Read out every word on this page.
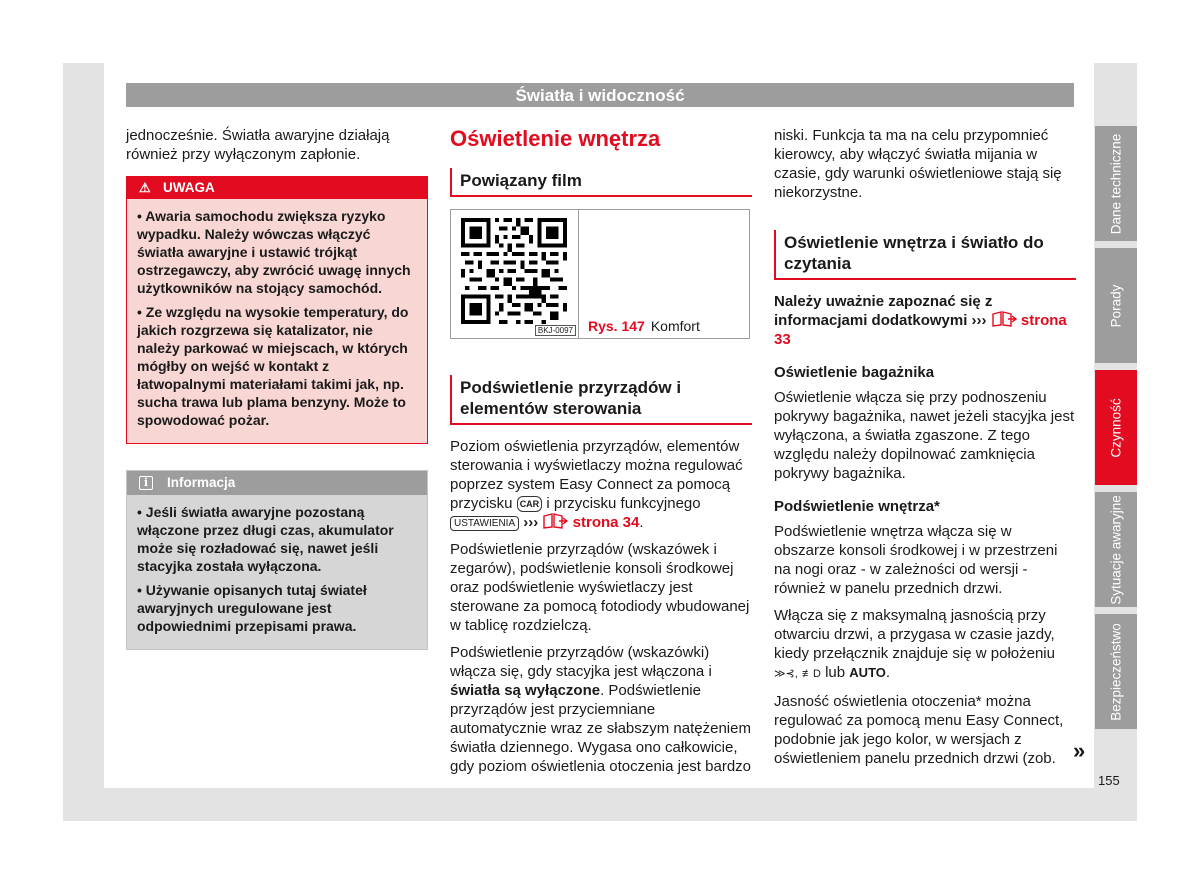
Światła i widoczność

jednocześnie. Światła awaryjne działają również przy wyłączonym zapłonie.

⚠ UWAGA
• Awaria samochodu zwiększa ryzyko wypadku. Należy wówczas włączyć światła awaryjne i ustawić trójkąt ostrzegawczy, aby zwrócić uwagę innych użytkowników na stojący samochód.
• Ze względu na wysokie temperatury, do jakich rozgrzewa się katalizator, nie należy parkować w miejscach, w których mógłby on wejść w kontakt z łatwopalnymi materiałami takimi jak, np. sucha trawa lub plama benzyny. Może to spowodować pożar.
i	Informacja
• Jeśli światła awaryjne pozostaną włączone przez długi czas, akumulator może się rozładować się, nawet jeśli stacyjka została wyłączona.
• Używanie opisanych tutaj świateł awaryjnych uregulowane jest odpowiednimi przepisami prawa.
Oświetlenie wnętrza
Powiązany film
BKJ-0097 Rys. 147 Komfort
Podświetlenie przyrządów i elementów sterowania

Poziom oświetlenia przyrządów, elementów sterowania i wyświetlaczy można regulować poprzez system Easy Connect za pomocą przycisku CAR i przycisku funkcyjnego USTAWIENIA ››› strona 34.

Podświetlenie przyrządów (wskazówek i zegarów), podświetlenie konsoli środkowej oraz podświetlenie wyświetlaczy jest sterowane za pomocą fotodiody wbudowanej w tablicę rozdzielczą.

Podświetlenie przyrządów (wskazówki) włącza się, gdy stacyjka jest włączona i światła są wyłączone. Podświetlenie przyrządów jest przyciemniane automatycznie wraz ze słabszym natężeniem światła dziennego. Wygasa ono całkowicie, gdy poziom oświetlenia otoczenia jest bardzo

niski. Funkcja ta ma na celu przypomnieć kierowcy, aby włączyć światła mijania w czasie, gdy warunki oświetleniowe stają się niekorzystne.

Oświetlenie wnętrza i światło do czytania

Należy uważnie zapoznać się z informacjami dodatkowymi ››› strona 33

Oświetlenie bagażnika

Oświetlenie włącza się przy podnoszeniu pokrywy bagażnika, nawet jeżeli stacyjka jest wyłączona, a światła zgaszone. Z tego względu należy dopilnować zamknięcia pokrywy bagażnika.

Podświetlenie wnętrza*

Podświetlenie wnętrza włącza się w obszarze konsoli środkowej i w przestrzeni na nogi oraz - w zależności od wersji - również w panelu przednich drzwi.

Włącza się z maksymalną jasnością przy otwarciu drzwi, a przygasa w czasie jazdy, kiedy przełącznik znajduje się w położeniu ≫⊰, ≢D lub AUTO.

Jasność oświetlenia otoczenia* można regulować za pomocą menu Easy Connect, podobnie jak jego kolor, w wersjach z oświetleniem panelu przednich drzwi (zob.

Dane techniczne
Porady
Czynność
Sytuacje awaryjne
Bezpieczeństwo
»
155
